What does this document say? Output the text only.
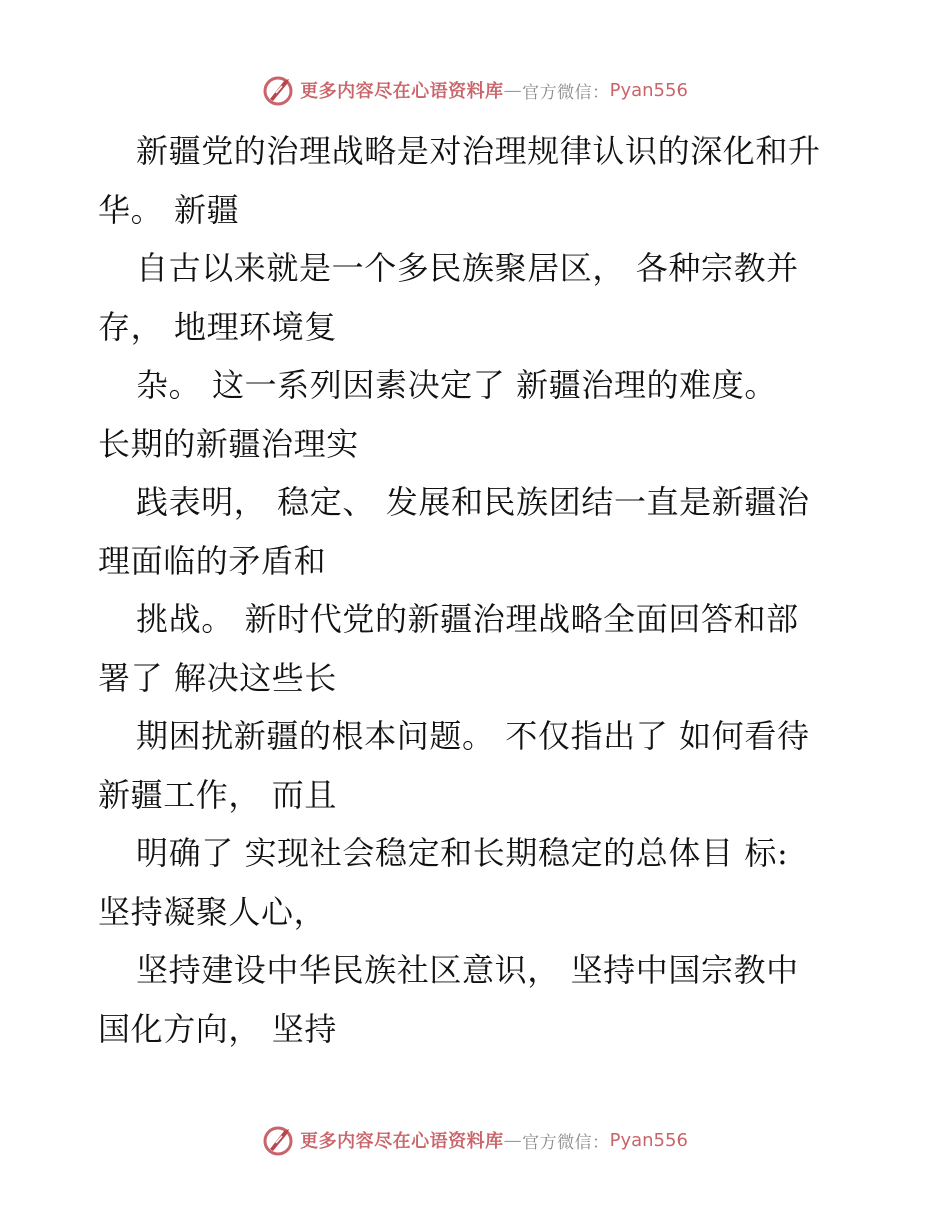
更多内容尽在心语资料库 — 官方微信： Pyan556
新疆党的治理战略是对治理规律认识的深化和升
华。 新疆
自古以来就是一个多民族聚居区， 各种宗教并
存， 地理环境复
杂。 这一系列因素决定了 新疆治理的难度。
长期的新疆治理实
践表明， 稳定、 发展和民族团结一直是新疆治
理面临的矛盾和
挑战。 新时代党的新疆治理战略全面回答和部
署了 解决这些长
期困扰新疆的根本问题。 不仅指出了 如何看待
新疆工作， 而且
明确了 实现社会稳定和长期稳定的总体目 标:
坚持凝聚人心，
坚持建设中华民族社区意识， 坚持中国宗教中
国化方向， 坚持
更多内容尽在心语资料库 — 官方微信： Pyan556
